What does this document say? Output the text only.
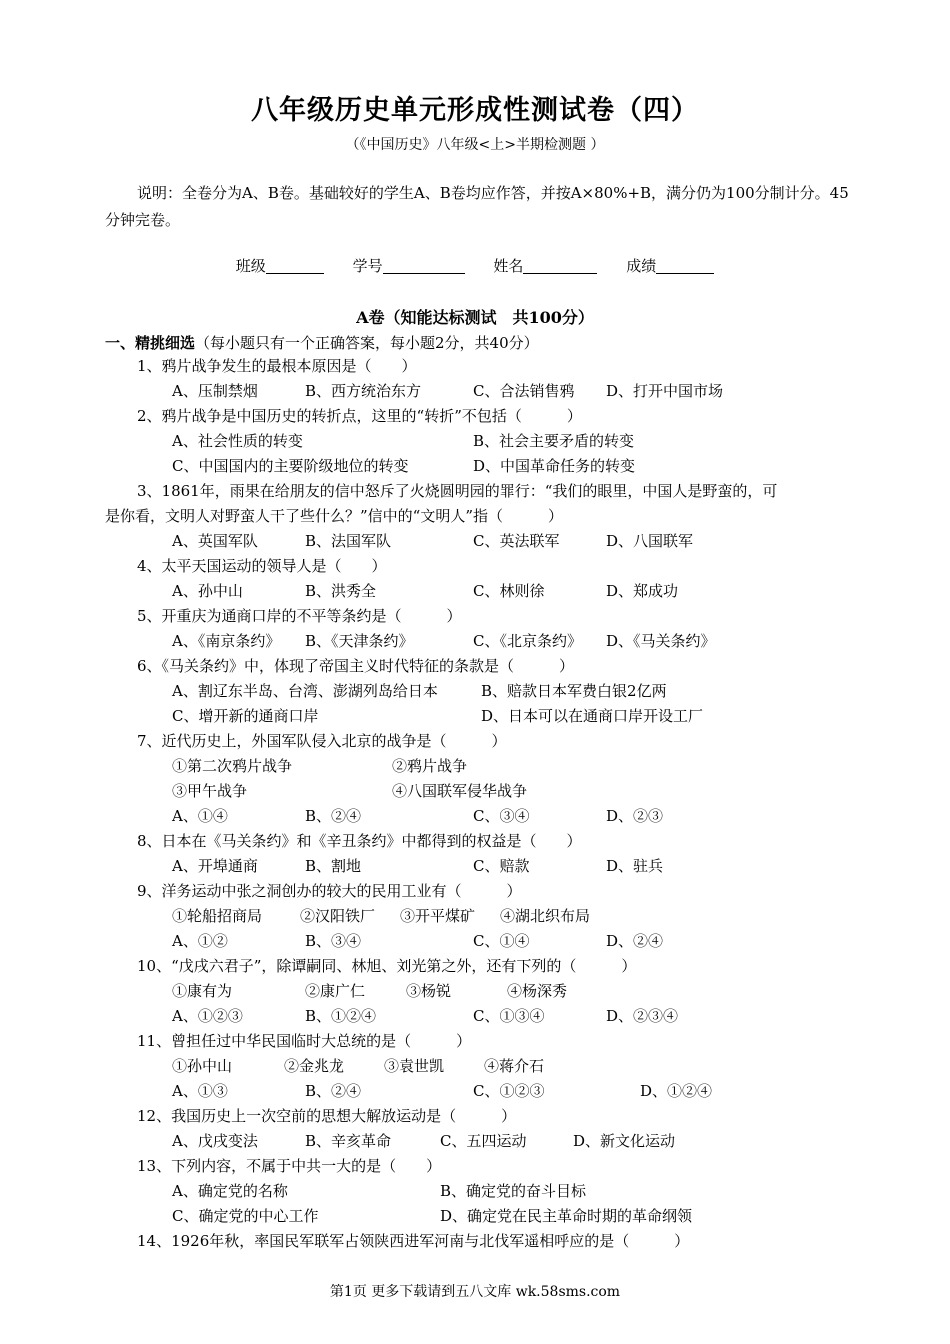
八年级历史单元形成性测试卷（四）
（《中国历史》八年级<上>半期检测题 ）
说明：全卷分为A、B卷。基础较好的学生A、B卷均应作答，并按A×80%+B，满分仍为100分制计分。45分钟完卷。
班级	学号	姓名	成绩
A卷（知能达标测试　共100分）
一、精挑细选（每小题只有一个正确答案，每小题2分，共40分）
1、鸦片战争发生的最根本原因是（　　）
A、压制禁烟	B、西方统治东方	C、合法销售鸦 D、打开中国市场
2、鸦片战争是中国历史的转折点，这里的“转折”不包括（　　　）
A、社会性质的转变	B、社会主要矛盾的转变
C、中国国内的主要阶级地位的转变	D、中国革命任务的转变
3、1861年，雨果在给朋友的信中怒斥了火烧圆明园的罪行：“我们的眼里，中国人是野蛮的，可
是你看，文明人对野蛮人干了些什么？”信中的“文明人”指（　　　）
A、英国军队	B、法国军队	C、英法联军	D、八国联军
4、太平天国运动的领导人是（　　）
A、孙中山	B、洪秀全	C、林则徐	D、郑成功
5、开重庆为通商口岸的不平等条约是（　　　）
A、《南京条约》 B、《天津条约》	C、《北京条约》 D、《马关条约》
6、《马关条约》中，体现了帝国主义时代特征的条款是（　　　）
A、割辽东半岛、台湾、澎湖列岛给日本	B、赔款日本军费白银2亿两
C、增开新的通商口岸	D、日本可以在通商口岸开设工厂
7、近代历史上，外国军队侵入北京的战争是（　　　）
①第二次鸦片战争	②鸦片战争
③甲午战争	④八国联军侵华战争
A、①④	B、②④	C、③④	D、②③
8、日本在《马关条约》和《辛丑条约》中都得到的权益是（　　）
A、开埠通商	B、割地	C、赔款	D、驻兵
9、洋务运动中张之洞创办的较大的民用工业有（　　　）
①轮船招商局	②汉阳铁厂 ③开平煤矿 ④湖北织布局
A、①②	B、③④	C、①④	D、②④
10、“戊戌六君子”，除谭嗣同、林旭、刘光第之外，还有下列的（　　　）
①康有为	②康广仁	③杨锐	④杨深秀
A、①②③	B、①②④	C、①③④	D、②③④
11、曾担任过中华民国临时大总统的是（　　　）
①孙中山	②金兆龙	③袁世凯	④蒋介石
A、①③	B、②④	C、①②③	D、①②④
12、我国历史上一次空前的思想大解放运动是（　　　）
A、戊戌变法	B、辛亥革命	C、五四运动	D、新文化运动
13、下列内容，不属于中共一大的是（　　）
A、确定党的名称	B、确定党的奋斗目标
C、确定党的中心工作	D、确定党在民主革命时期的革命纲领
14、1926年秋，率国民军联军占领陕西进军河南与北伐军遥相呼应的是（　　　）
第1页 更多下载请到五八文库 wk.58sms.com
